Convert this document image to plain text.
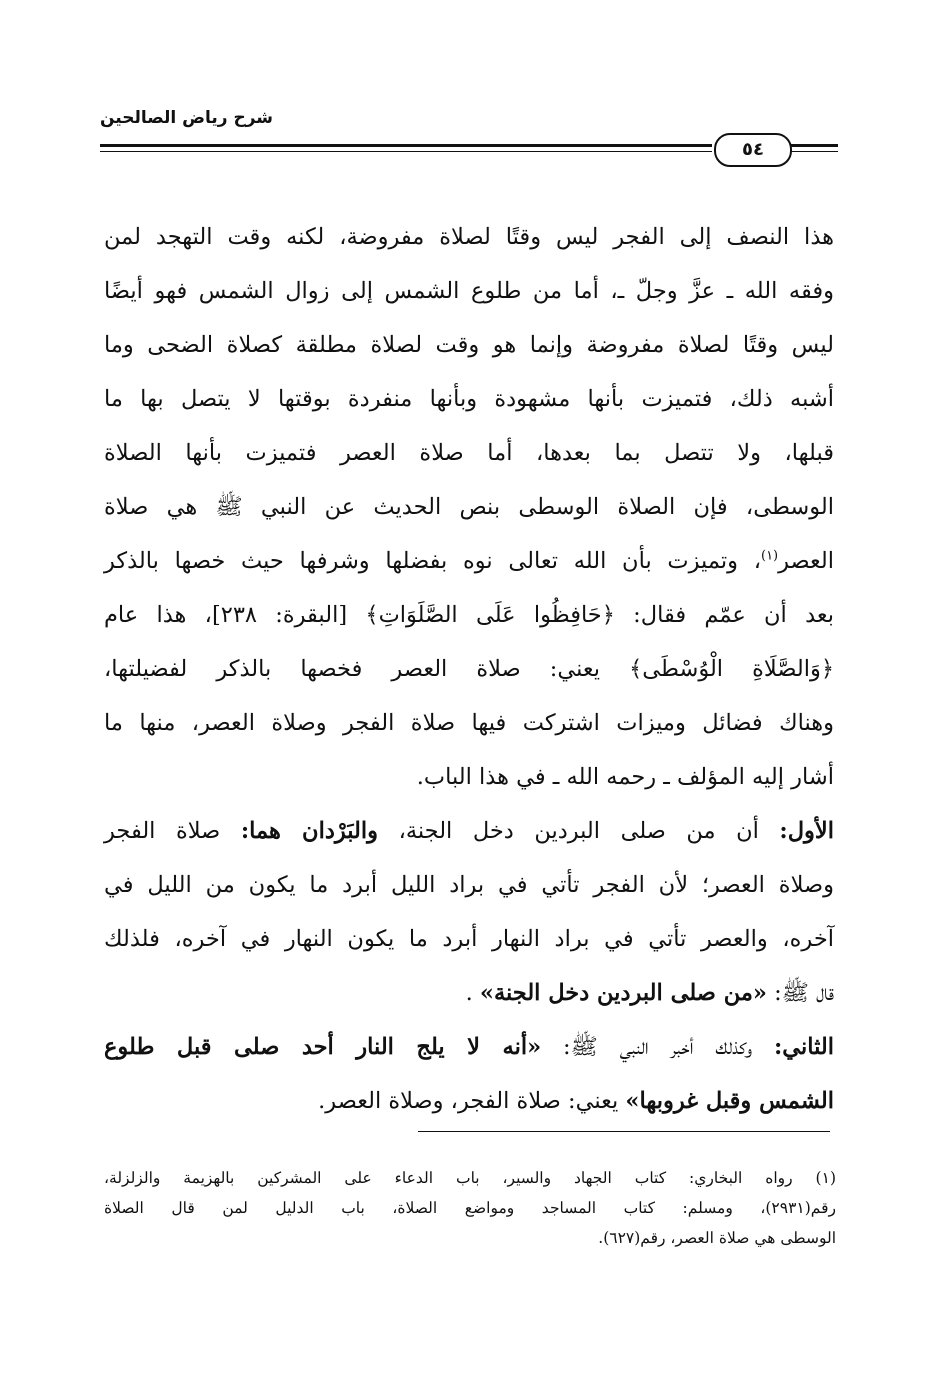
شرح رياض الصالحين
٥٤
هذا النصف إلى الفجر ليس وقتًا لصلاة مفروضة، لكنه وقت التهجد لمن
وفقه الله ـ عزَّ وجلّ ـ، أما من طلوع الشمس إلى زوال الشمس فهو أيضًا
ليس وقتًا لصلاة مفروضة وإنما هو وقت لصلاة مطلقة كصلاة الضحى وما
أشبه ذلك، فتميزت بأنها مشهودة وبأنها منفردة بوقتها لا يتصل بها ما
قبلها، ولا تتصل بما بعدها، أما صلاة العصر فتميزت بأنها الصلاة
الوسطى، فإن الصلاة الوسطى بنص الحديث عن النبي ﷺ هي صلاة
العصر$^{(١)}$، وتميزت بأن الله تعالى نوه بفضلها وشرفها حيث خصها بالذكر
بعد أن عمّم فقال: ﴿حَافِظُوا عَلَى الصَّلَوَاتِ﴾ [البقرة: ٢٣٨]، هذا عام
﴿وَالصَّلَاةِ الْوُسْطَى﴾ يعني: صلاة العصر فخصها بالذكر لفضيلتها،
وهناك فضائل وميزات اشتركت فيها صلاة الفجر وصلاة العصر، منها ما
أشار إليه المؤلف ـ رحمه الله ـ في هذا الباب.
الأول: أن من صلى البردين دخل الجنة، والبَرْدان هما: صلاة الفجر
وصلاة العصر؛ لأن الفجر تأتي في براد الليل أبرد ما يكون من الليل في
آخره، والعصر تأتي في براد النهار أبرد ما يكون النهار في آخره، فلذلك
قال ﷺ: «من صلى البردين دخل الجنة» .
الثاني: وكذلك أخبر النبي ﷺ: «أنه لا يلج النار أحد صلى قبل طلوع
الشمس وقبل غروبها» يعني: صلاة الفجر، وصلاة العصر.
(١) رواه البخاري: كتاب الجهاد والسير، باب الدعاء على المشركين بالهزيمة والزلزلة،
رقم(٢٩٣١)، ومسلم: كتاب المساجد ومواضع الصلاة، باب الدليل لمن قال الصلاة
الوسطى هي صلاة العصر، رقم(٦٢٧).
